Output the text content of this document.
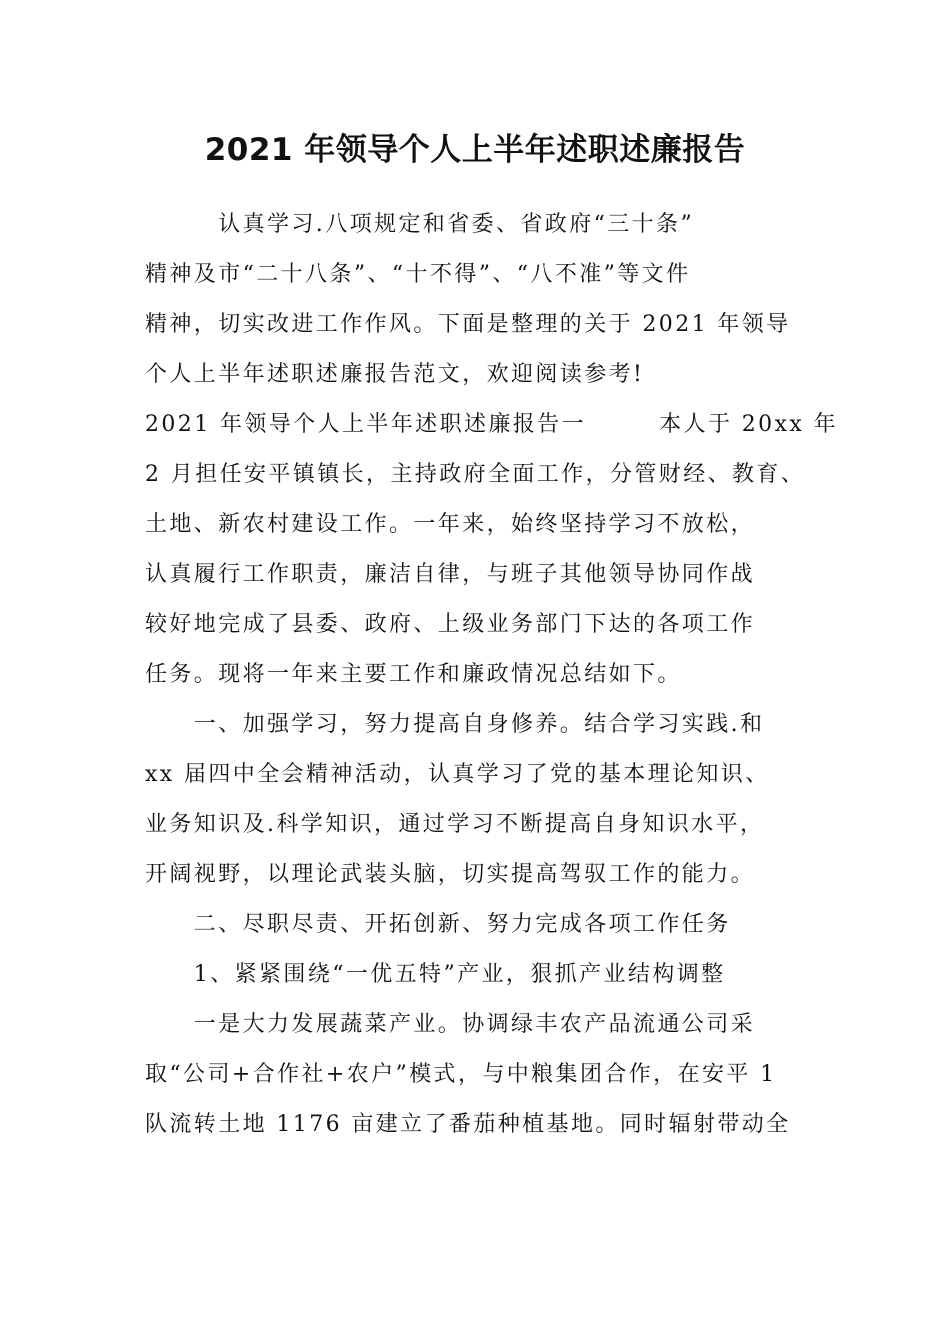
2021 年领导个人上半年述职述廉报告
　　　认真学习.八项规定和省委、省政府“三十条”
精神及市“二十八条”、“十不得”、“八不准”等文件
精神，切实改进工作作风。下面是整理的关于 2021 年领导
个人上半年述职述廉报告范文，欢迎阅读参考!
2021 年领导个人上半年述职述廉报告一　　　本人于 20xx 年
2 月担任安平镇镇长，主持政府全面工作，分管财经、教育、
土地、新农村建设工作。一年来，始终坚持学习不放松，
认真履行工作职责，廉洁自律，与班子其他领导协同作战
较好地完成了县委、政府、上级业务部门下达的各项工作
任务。现将一年来主要工作和廉政情况总结如下。
　　一、加强学习，努力提高自身修养。结合学习实践.和
xx 届四中全会精神活动，认真学习了党的基本理论知识、
业务知识及.科学知识，通过学习不断提高自身知识水平，
开阔视野，以理论武装头脑，切实提高驾驭工作的能力。
　　二、尽职尽责、开拓创新、努力完成各项工作任务
　　1、紧紧围绕“一优五特”产业，狠抓产业结构调整
　　一是大力发展蔬菜产业。协调绿丰农产品流通公司采
取“公司+合作社+农户”模式，与中粮集团合作，在安平 1
队流转土地 1176 亩建立了番茄种植基地。同时辐射带动全
